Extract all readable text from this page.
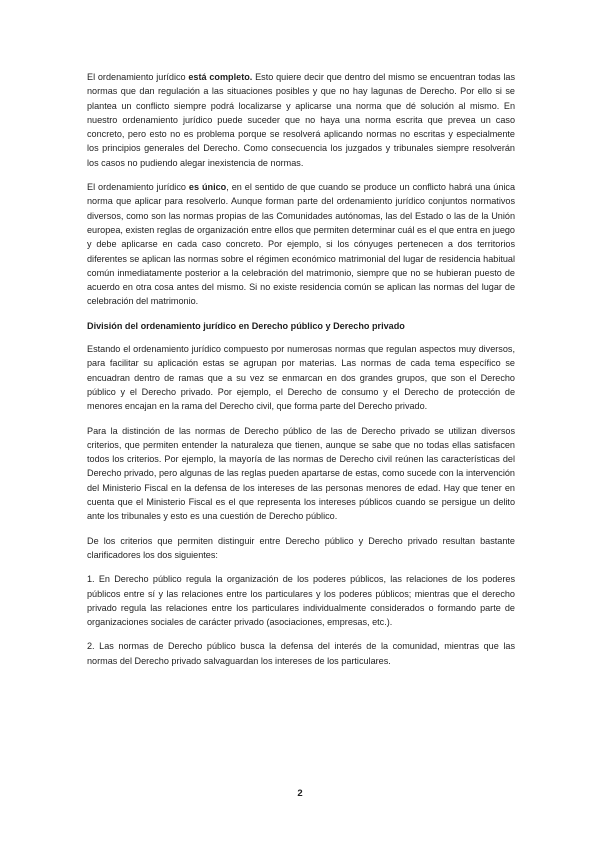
El ordenamiento jurídico está completo. Esto quiere decir que dentro del mismo se encuentran todas las normas que dan regulación a las situaciones posibles y que no hay lagunas de Derecho. Por ello si se plantea un conflicto siempre podrá localizarse y aplicarse una norma que dé solución al mismo. En nuestro ordenamiento jurídico puede suceder que no haya una norma escrita que prevea un caso concreto, pero esto no es problema porque se resolverá aplicando normas no escritas y especialmente los principios generales del Derecho. Como consecuencia los juzgados y tribunales siempre resolverán los casos no pudiendo alegar inexistencia de normas.

El ordenamiento jurídico es único, en el sentido de que cuando se produce un conflicto habrá una única norma que aplicar para resolverlo. Aunque forman parte del ordenamiento jurídico conjuntos normativos diversos, como son las normas propias de las Comunidades autónomas, las del Estado o las de la Unión europea, existen reglas de organización entre ellos que permiten determinar cuál es el que entra en juego y debe aplicarse en cada caso concreto. Por ejemplo, si los cónyuges pertenecen a dos territorios diferentes se aplican las normas sobre el régimen económico matrimonial del lugar de residencia habitual común inmediatamente posterior a la celebración del matrimonio, siempre que no se hubieran puesto de acuerdo en otra cosa antes del mismo. Si no existe residencia común se aplican las normas del lugar de celebración del matrimonio.

División del ordenamiento jurídico en Derecho público y Derecho privado

Estando el ordenamiento jurídico compuesto por numerosas normas que regulan aspectos muy diversos, para facilitar su aplicación estas se agrupan por materias. Las normas de cada tema específico se encuadran dentro de ramas que a su vez se enmarcan en dos grandes grupos, que son el Derecho público y el Derecho privado. Por ejemplo, el Derecho de consumo y el Derecho de protección de menores encajan en la rama del Derecho civil, que forma parte del Derecho privado.

Para la distinción de las normas de Derecho público de las de Derecho privado se utilizan diversos criterios, que permiten entender la naturaleza que tienen, aunque se sabe que no todas ellas satisfacen todos los criterios. Por ejemplo, la mayoría de las normas de Derecho civil reúnen las características del Derecho privado, pero algunas de las reglas pueden apartarse de estas, como sucede con la intervención del Ministerio Fiscal en la defensa de los intereses de las personas menores de edad. Hay que tener en cuenta que el Ministerio Fiscal es el que representa los intereses públicos cuando se persigue un delito ante los tribunales y esto es una cuestión de Derecho público.

De los criterios que permiten distinguir entre Derecho público y Derecho privado resultan bastante clarificadores los dos siguientes:

1. En Derecho público regula la organización de los poderes públicos, las relaciones de los poderes públicos entre sí y las relaciones entre los particulares y los poderes públicos; mientras que el derecho privado regula las relaciones entre los particulares individualmente considerados o formando parte de organizaciones sociales de carácter privado (asociaciones, empresas, etc.).

2. Las normas de Derecho público busca la defensa del interés de la comunidad, mientras que las normas del Derecho privado salvaguardan los intereses de los particulares.

2
